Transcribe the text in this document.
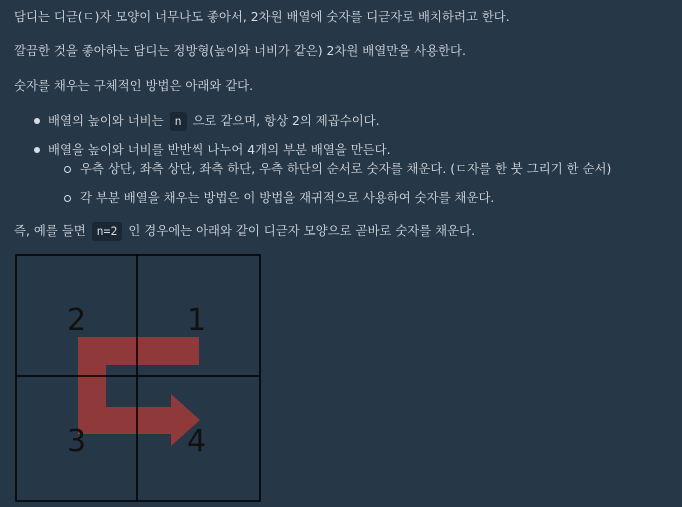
담디는 디귿(ㄷ)자 모양이 너무나도 좋아서, 2차원 배열에 숫자를 디귿자로 배치하려고 한다.

깔끔한 것을 좋아하는 담디는 정방형(높이와 너비가 같은) 2차원 배열만을 사용한다.

숫자를 채우는 구체적인 방법은 아래와 같다.

배열의 높이와 너비는 n 으로 같으며, 항상 2의 제곱수이다.

배열을 높이와 너비를 반반씩 나누어 4개의 부분 배열을 만든다.

우측 상단, 좌측 상단, 좌측 하단, 우측 하단의 순서로 숫자를 채운다. (ㄷ자를 한 붓 그리기 한 순서)

각 부분 배열을 채우는 방법은 이 방법을 재귀적으로 사용하여 숫자를 채운다.

즉, 예를 들면 n=2 인 경우에는 아래와 같이 디귿자 모양으로 곧바로 숫자를 채운다.

2	1
3	4
